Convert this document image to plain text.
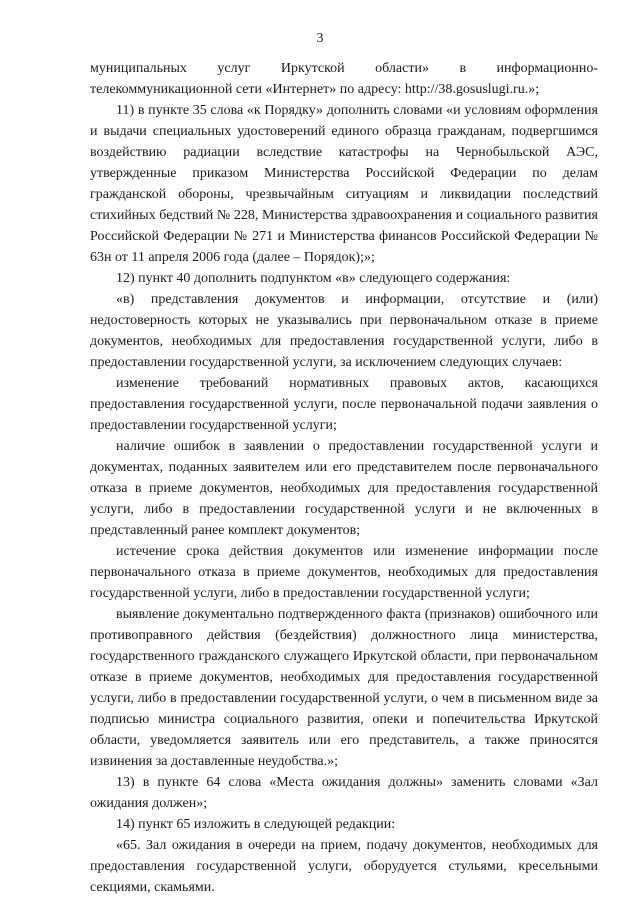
3

муниципальных услуг Иркутской области» в информационно-телекоммуникационной сети «Интернет» по адресу: http://38.gosuslugi.ru.»;

11) в пункте 35 слова «к Порядку» дополнить словами «и условиям оформления и выдачи специальных удостоверений единого образца гражданам, подвергшимся воздействию радиации вследствие катастрофы на Чернобыльской АЭС, утвержденные приказом Министерства Российской Федерации по делам гражданской обороны, чрезвычайным ситуациям и ликвидации последствий стихийных бедствий № 228, Министерства здравоохранения и социального развития Российской Федерации № 271 и Министерства финансов Российской Федерации № 63н от 11 апреля 2006 года (далее – Порядок);»;

12) пункт 40 дополнить подпунктом «в» следующего содержания:

«в) представления документов и информации, отсутствие и (или) недостоверность которых не указывались при первоначальном отказе в приеме документов, необходимых для предоставления государственной услуги, либо в предоставлении государственной услуги, за исключением следующих случаев:

изменение требований нормативных правовых актов, касающихся предоставления государственной услуги, после первоначальной подачи заявления о предоставлении государственной услуги;

наличие ошибок в заявлении о предоставлении государственной услуги и документах, поданных заявителем или его представителем после первоначального отказа в приеме документов, необходимых для предоставления государственной услуги, либо в предоставлении государственной услуги и не включенных в представленный ранее комплект документов;

истечение срока действия документов или изменение информации после первоначального отказа в приеме документов, необходимых для предоставления государственной услуги, либо в предоставлении государственной услуги;

выявление документально подтвержденного факта (признаков) ошибочного или противоправного действия (бездействия) должностного лица министерства, государственного гражданского служащего Иркутской области, при первоначальном отказе в приеме документов, необходимых для предоставления государственной услуги, либо в предоставлении государственной услуги, о чем в письменном виде за подписью министра социального развития, опеки и попечительства Иркутской области, уведомляется заявитель или его представитель, а также приносятся извинения за доставленные неудобства.»;

13) в пункте 64 слова «Места ожидания должны» заменить словами «Зал ожидания должен»;

14) пункт 65 изложить в следующей редакции:

«65. Зал ожидания в очереди на прием, подачу документов, необходимых для предоставления государственной услуги, оборудуется стульями, кресельными секциями, скамьями.
